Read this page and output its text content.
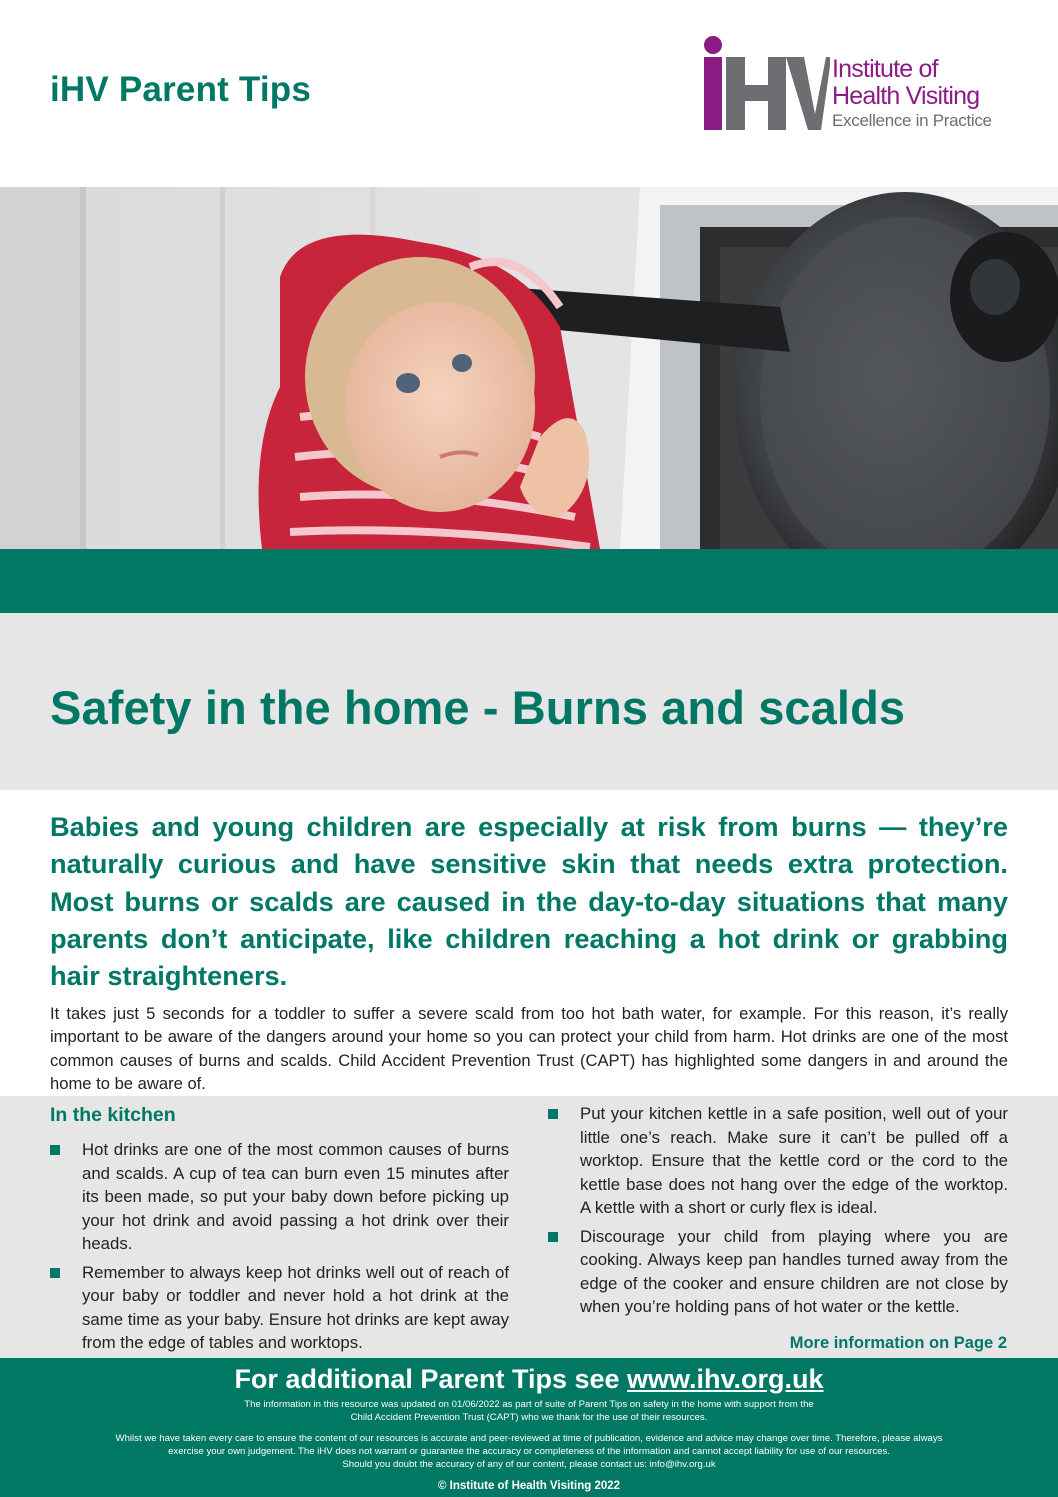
iHV Parent Tips
iHV
Institute of
Health Visiting
Excellence in Practice
Safety in the home - Burns and scalds

Babies and young children are especially at risk from burns — they’re naturally curious and have sensitive skin that needs extra protection. Most burns or scalds are caused in the day-to-day situations that many parents don’t anticipate, like children reaching a hot drink or grabbing hair straighteners.

It takes just 5 seconds for a toddler to suffer a severe scald from too hot bath water, for example. For this reason, it’s really important to be aware of the dangers around your home so you can protect your child from harm. Hot drinks are one of the most common causes of burns and scalds. Child Accident Prevention Trust (CAPT) has highlighted some dangers in and around the home to be aware of.

In the kitchen
Hot drinks are one of the most common causes of burns and scalds. A cup of tea can burn even 15 minutes after its been made, so put your baby down before picking up your hot drink and avoid passing a hot drink over their heads.
Remember to always keep hot drinks well out of reach of your baby or toddler and never hold a hot drink at the same time as your baby. Ensure hot drinks are kept away from the edge of tables and worktops.
Put your kitchen kettle in a safe position, well out of your little one’s reach. Make sure it can’t be pulled off a worktop. Ensure that the kettle cord or the cord to the kettle base does not hang over the edge of the worktop. A kettle with a short or curly flex is ideal.
Discourage your child from playing where you are cooking. Always keep pan handles turned away from the edge of the cooker and ensure children are not close by when you’re holding pans of hot water or the kettle.
More information on Page 2
For additional Parent Tips see www.ihv.org.uk
The information in this resource was updated on 01/06/2022 as part of suite of Parent Tips on safety in the home with support from the
Child Accident Prevention Trust (CAPT) who we thank for the use of their resources.
Whilst we have taken every care to ensure the content of our resources is accurate and peer-reviewed at time of publication, evidence and advice may change over time. Therefore, please always
exercise your own judgement. The iHV does not warrant or guarantee the accuracy or completeness of the information and cannot accept liability for use of our resources.
Should you doubt the accuracy of any of our content, please contact us: info@ihv.org.uk
© Institute of Health Visiting 2022
